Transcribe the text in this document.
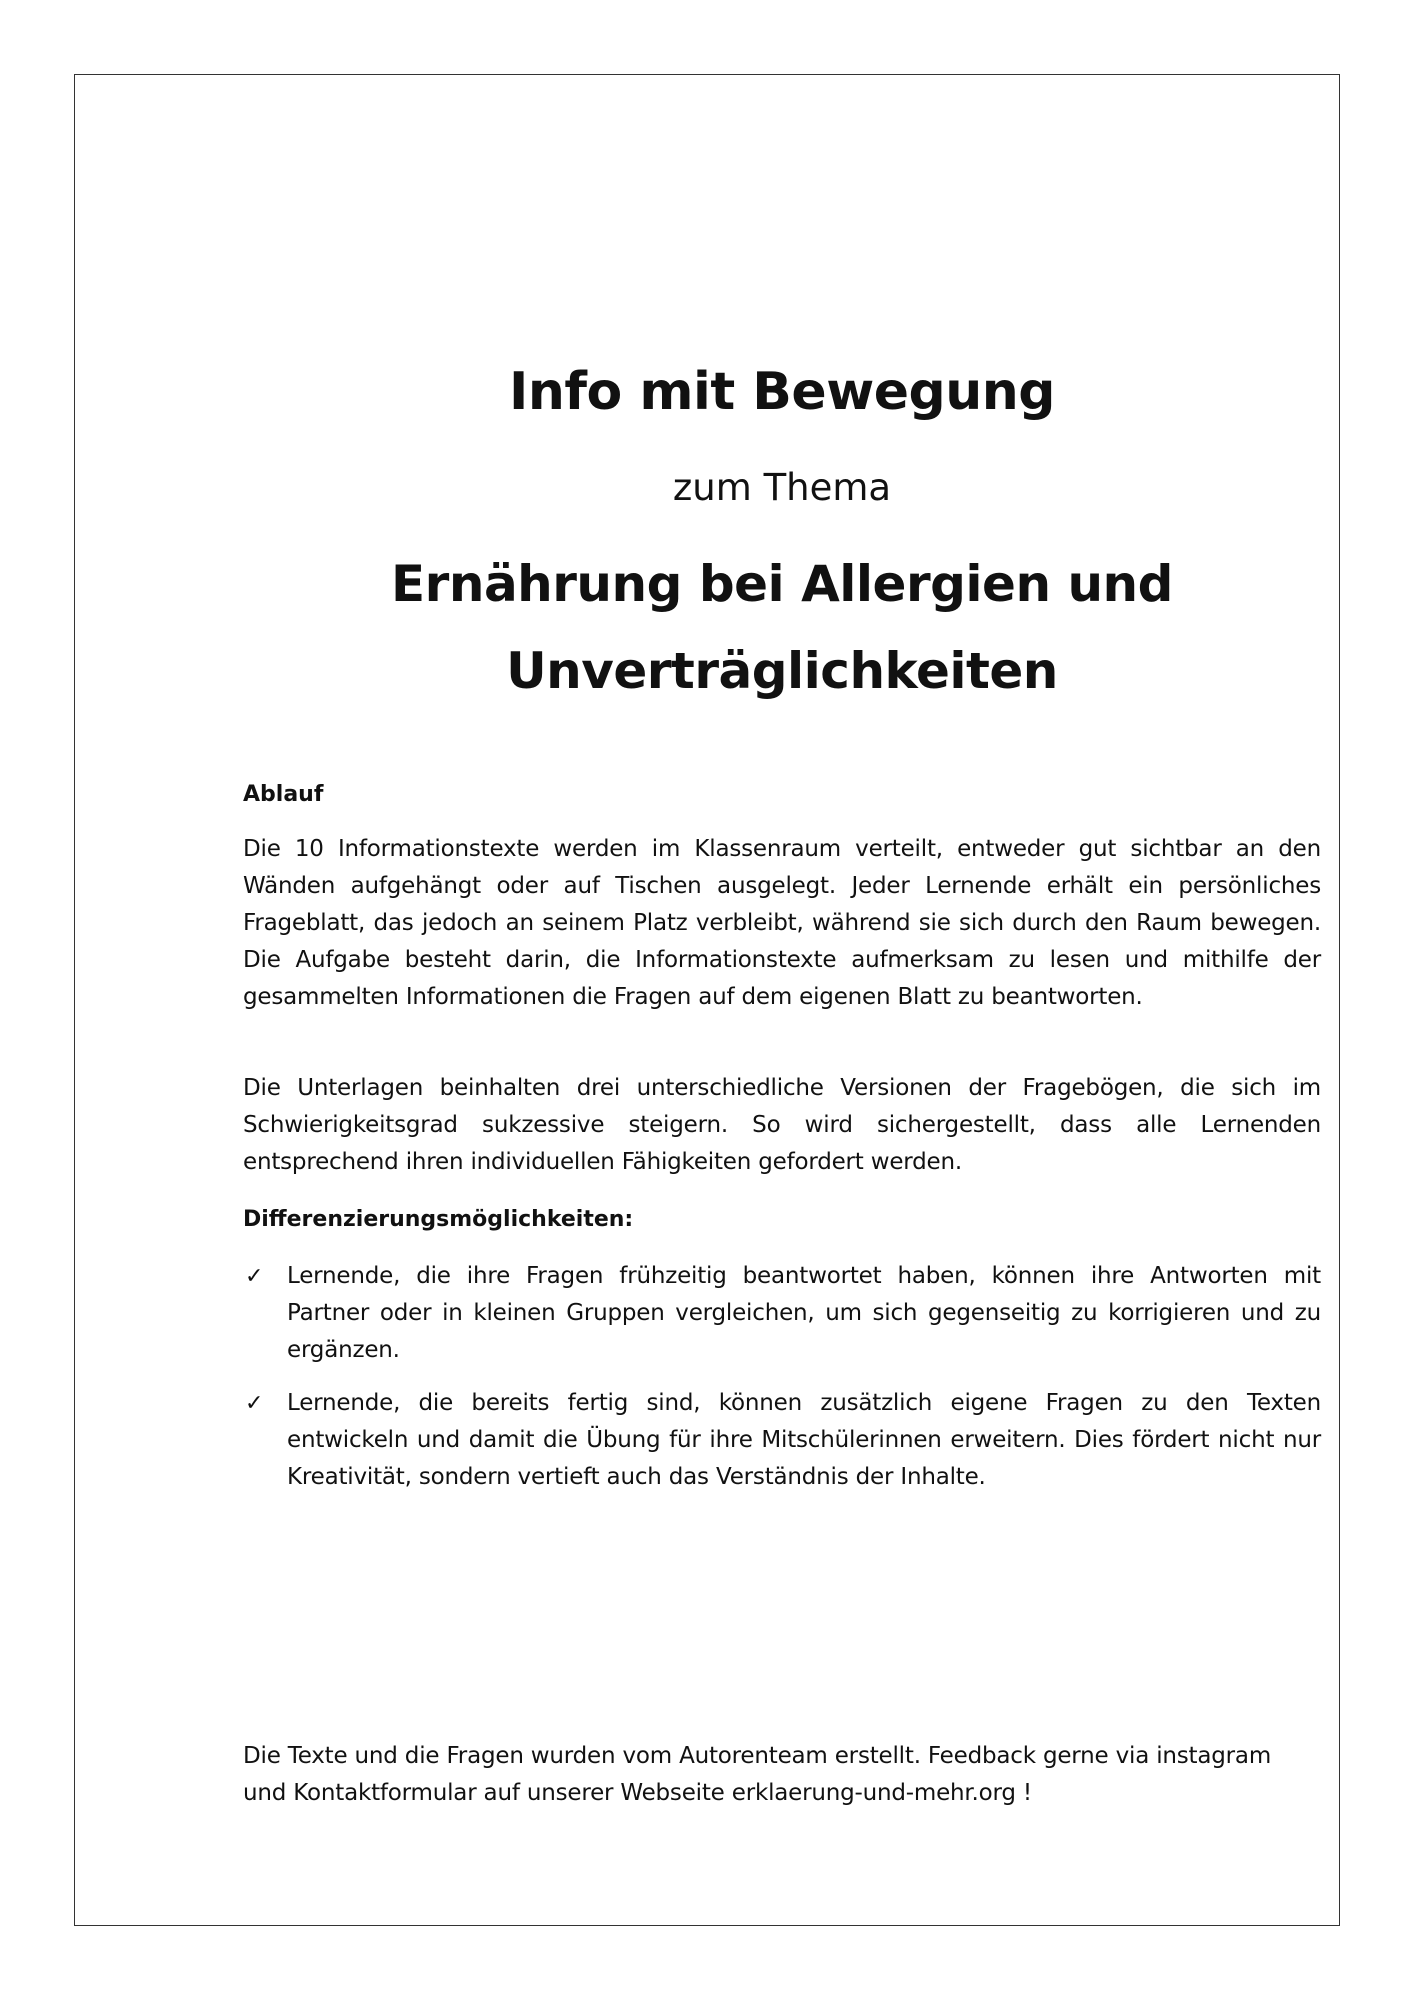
Info mit Bewegung

zum Thema

Ernährung bei Allergien und Unverträglichkeiten
Ablauf

Die 10 Informationstexte werden im Klassenraum verteilt, entweder gut sichtbar an den Wänden aufgehängt oder auf Tischen ausgelegt. Jeder Lernende erhält ein persönliches Frageblatt, das jedoch an seinem Platz verbleibt, während sie sich durch den Raum bewegen. Die Aufgabe besteht darin, die Informationstexte aufmerksam zu lesen und mithilfe der gesammelten Informationen die Fragen auf dem eigenen Blatt zu beantworten.

Die Unterlagen beinhalten drei unterschiedliche Versionen der Fragebögen, die sich im Schwierigkeitsgrad sukzessive steigern. So wird sichergestellt, dass alle Lernenden entsprechend ihren individuellen Fähigkeiten gefordert werden.

Differenzierungsmöglichkeiten:
✓ Lernende, die ihre Fragen frühzeitig beantwortet haben, können ihre Antworten mit Partner oder in kleinen Gruppen vergleichen, um sich gegenseitig zu korrigieren und zu ergänzen.
✓ Lernende, die bereits fertig sind, können zusätzlich eigene Fragen zu den Texten entwickeln und damit die Übung für ihre Mitschülerinnen erweitern. Dies fördert nicht nur Kreativität, sondern vertieft auch das Verständnis der Inhalte.

Die Texte und die Fragen wurden vom Autorenteam erstellt. Feedback gerne via instagram und Kontaktformular auf unserer Webseite erklaerung-und-mehr.org !
